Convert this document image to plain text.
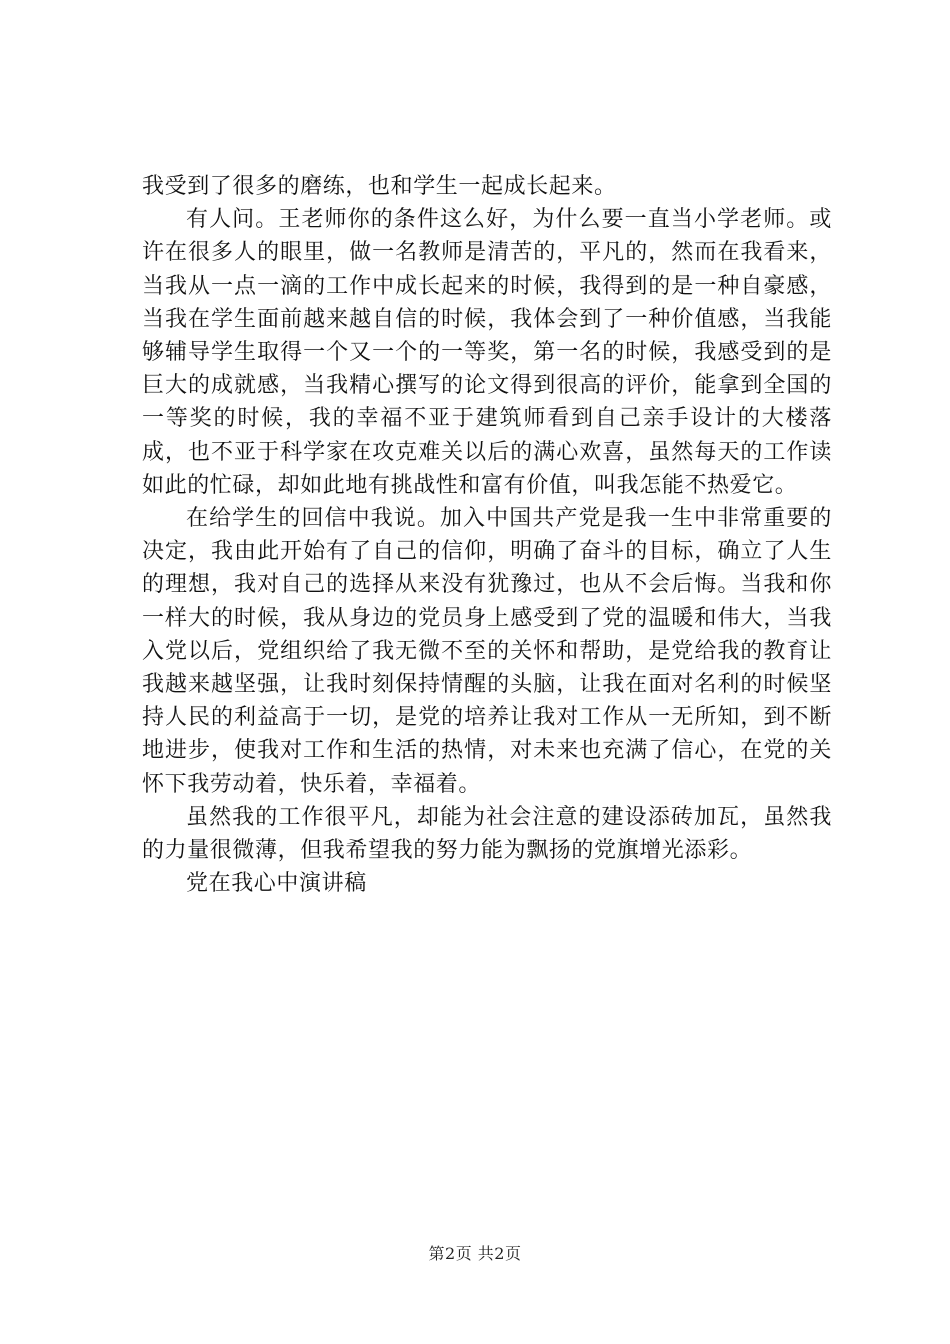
我受到了很多的磨练，也和学生一起成长起来。

有人问。王老师你的条件这么好，为什么要一直当小学老师。或许在很多人的眼里，做一名教师是清苦的，平凡的，然而在我看来，当我从一点一滴的工作中成长起来的时候，我得到的是一种自豪感，当我在学生面前越来越自信的时候，我体会到了一种价值感，当我能够辅导学生取得一个又一个的一等奖，第一名的时候，我感受到的是巨大的成就感，当我精心撰写的论文得到很高的评价，能拿到全国的一等奖的时候，我的幸福不亚于建筑师看到自己亲手设计的大楼落成，也不亚于科学家在攻克难关以后的满心欢喜，虽然每天的工作读如此的忙碌，却如此地有挑战性和富有价值，叫我怎能不热爱它。

在给学生的回信中我说。加入中国共产党是我一生中非常重要的决定，我由此开始有了自己的信仰，明确了奋斗的目标，确立了人生的理想，我对自己的选择从来没有犹豫过，也从不会后悔。当我和你一样大的时候，我从身边的党员身上感受到了党的温暖和伟大，当我入党以后，党组织给了我无微不至的关怀和帮助，是党给我的教育让我越来越坚强，让我时刻保持情醒的头脑，让我在面对名利的时候坚持人民的利益高于一切，是党的培养让我对工作从一无所知，到不断地进步，使我对工作和生活的热情，对未来也充满了信心，在党的关怀下我劳动着，快乐着，幸福着。

虽然我的工作很平凡，却能为社会注意的建设添砖加瓦，虽然我的力量很微薄，但我希望我的努力能为飘扬的党旗增光添彩。

党在我心中演讲稿

第2页 共2页
